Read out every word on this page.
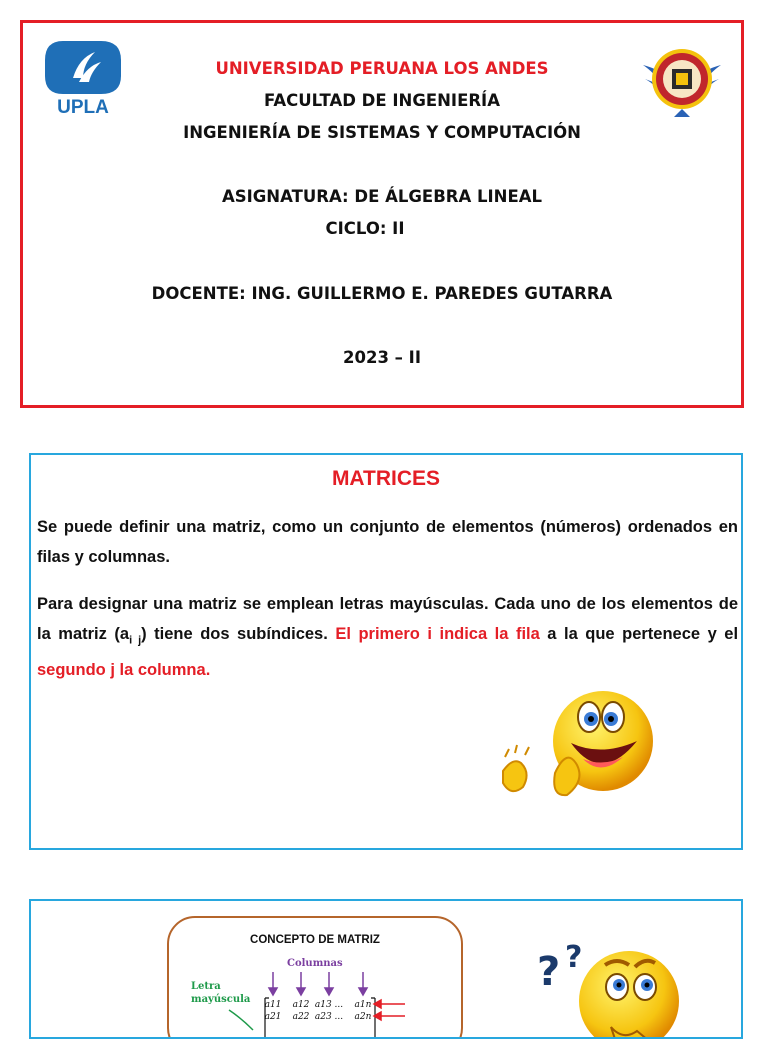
UPLA
UNIVERSIDAD PERUANA LOS ANDES
FACULTAD DE INGENIERÍA
INGENIERÍA DE SISTEMAS Y COMPUTACIÓN
ASIGNATURA: DE ÁLGEBRA LINEAL
CICLO: II
DOCENTE: ING. GUILLERMO E. PAREDES GUTARRA
2023 – II
MATRICES
Se puede definir una matriz, como un conjunto de elementos (números) ordenados en filas y columnas.
Para designar una matriz se emplean letras mayúsculas. Cada uno de los elementos de la matriz $(a_{i j})$ tiene dos subíndices. El primero i indica la fila a la que pertenece y el segundo j la columna.
CONCEPTO DE MATRIZ
Columnas
Letra
mayúscula a11 a12 a13 ... a1n
a21 a22 a23 ... a2n
? ?
